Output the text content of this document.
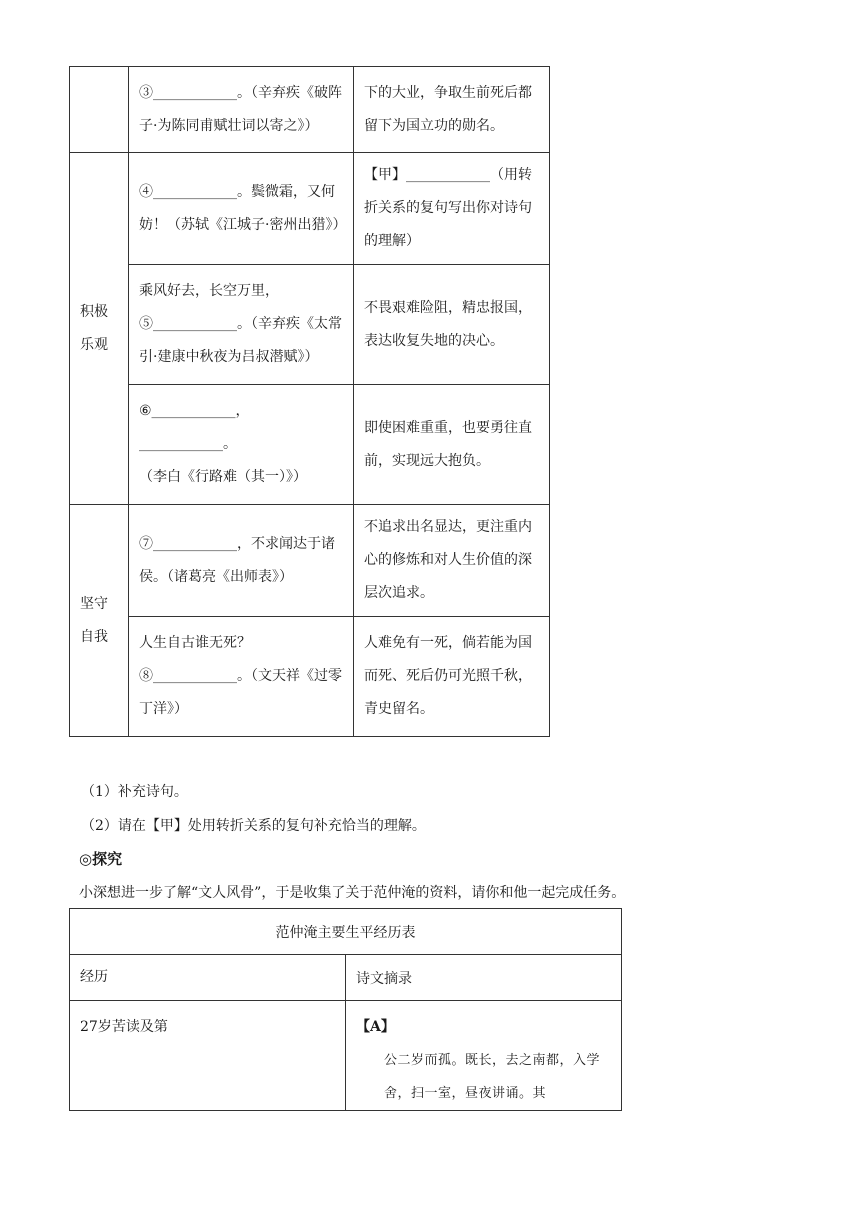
	③____________。（辛弃疾《破阵子·为陈同甫赋壮词以寄之》）	下的大业，争取生前死后都留下为国立功的勋名。
积极乐观	④____________。鬓微霜，又何妨！（苏轼《江城子·密州出猎》）	【甲】____________（用转折关系的复句写出你对诗句的理解）
	乘风好去，长空万里，⑤____________。（辛弃疾《太常引·建康中秋夜为吕叔潜赋》）	不畏艰难险阻，精忠报国，表达收复失地的决心。

	⑥____________，
____________。
（李白《行路难（其一）》）	即使困难重重，也要勇往直前，实现远大抱负。
坚守自我	⑦____________，不求闻达于诸侯。（诸葛亮《出师表》）	不追求出名显达，更注重内心的修炼和对人生价值的深层次追求。
	人生自古谁无死？⑧____________。（文天祥《过零丁洋》）	人难免有一死，倘若能为国而死、死后仍可光照千秋，青史留名。
（1）补充诗句。
（2）请在【甲】处用转折关系的复句补充恰当的理解。
◎探究
小深想进一步了解“文人风骨”，于是收集了关于范仲淹的资料，请你和他一起完成任务。
范仲淹主要生平经历表	
经历	诗文摘录
27岁苦读及第	【A】
公二岁而孤。既长，去之南都，入学舍，扫一室，昼夜讲诵。其
